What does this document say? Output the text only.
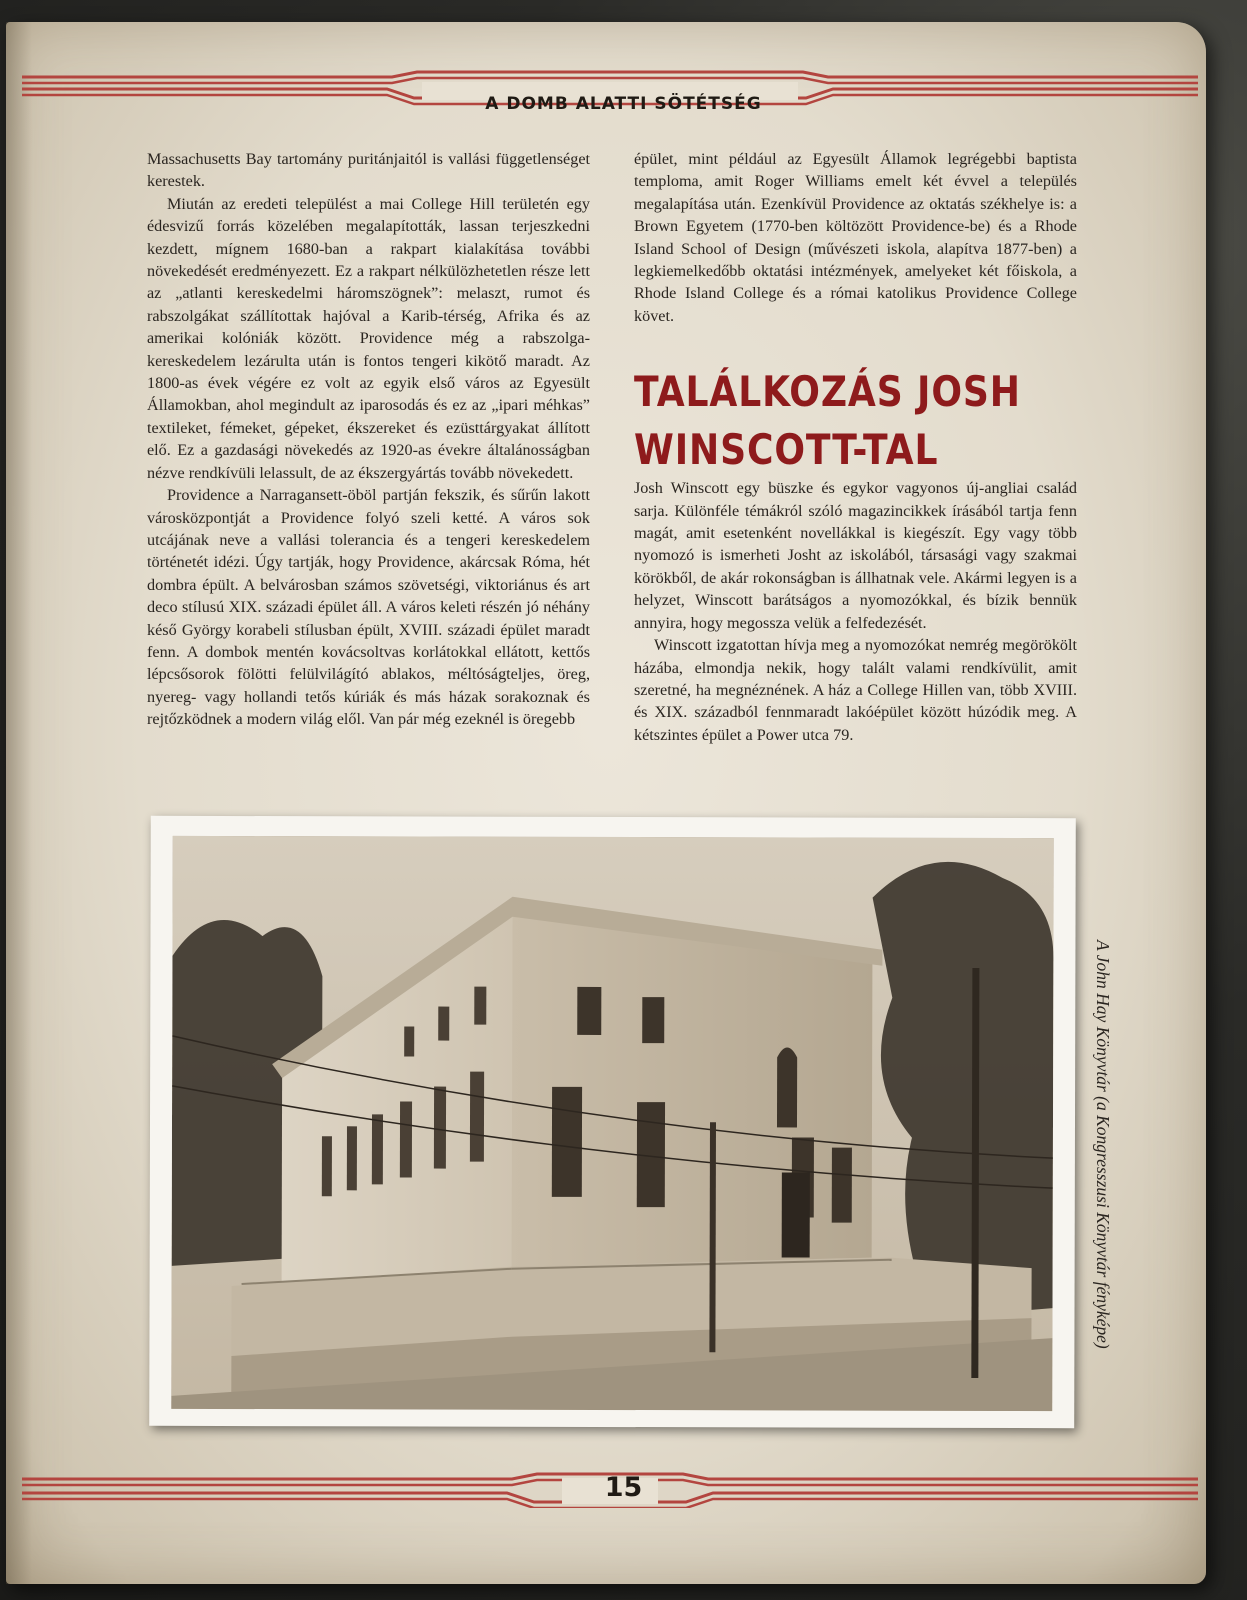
A DOMB ALATTI SÖTÉTSÉG

Massachusetts Bay tartomány puritánjaitól is vallási függetlenséget kerestek.

Miután az eredeti települést a mai College Hill területén egy édesvizű forrás közelében megalapították, lassan terjeszkedni kezdett, mígnem 1680-ban a rakpart kialakítása további növekedését eredményezett. Ez a rakpart nélkülözhetetlen része lett az „atlanti kereskedelmi háromszögnek”: melaszt, rumot és rabszolgákat szállítottak hajóval a Karib-térség, Afrika és az amerikai kolóniák között. Providence még a rabszolga-kereskedelem lezárulta után is fontos tengeri kikötő maradt. Az 1800-as évek végére ez volt az egyik első város az Egyesült Államokban, ahol megindult az iparosodás és ez az „ipari méhkas” textileket, fémeket, gépeket, ékszereket és ezüsttárgyakat állított elő. Ez a gazdasági növekedés az 1920-as évekre általánosságban nézve rendkívüli lelassult, de az ékszergyártás tovább növekedett.

Providence a Narragansett-öböl partján fekszik, és sűrűn lakott városközpontját a Providence folyó szeli ketté. A város sok utcájának neve a vallási tolerancia és a tengeri kereskedelem történetét idézi. Úgy tartják, hogy Providence, akárcsak Róma, hét dombra épült. A belvárosban számos szövetségi, viktoriánus és art deco stílusú XIX. századi épület áll. A város keleti részén jó néhány késő György korabeli stílusban épült, XVIII. századi épület maradt fenn. A dombok mentén kovácsoltvas korlátokkal ellátott, kettős lépcsősorok fölötti felülvilágító ablakos, méltóságteljes, öreg, nyereg- vagy hollandi tetős kúriák és más házak sorakoznak és rejtőzködnek a modern világ elől. Van pár még ezeknél is öregebb

épület, mint például az Egyesült Államok legrégebbi baptista temploma, amit Roger Williams emelt két évvel a település megalapítása után. Ezenkívül Providence az oktatás székhelye is: a Brown Egyetem (1770-ben költözött Providence-be) és a Rhode Island School of Design (művészeti iskola, alapítva 1877-ben) a legkiemelkedőbb oktatási intézmények, amelyeket két főiskola, a Rhode Island College és a római katolikus Providence College követ.

TALÁLKOZÁS JOSH
WINSCOTT-TAL

Josh Winscott egy büszke és egykor vagyonos új-angliai család sarja. Különféle témákról szóló magazincikkek írásából tartja fenn magát, amit esetenként novellákkal is kiegészít. Egy vagy több nyomozó is ismerheti Josht az iskolából, társasági vagy szakmai körökből, de akár rokonságban is állhatnak vele. Akármi legyen is a helyzet, Winscott barátságos a nyomozókkal, és bízik bennük annyira, hogy megossza velük a felfedezését.

Winscott izgatottan hívja meg a nyomozókat nemrég megörökölt házába, elmondja nekik, hogy talált valami rendkívülit, amit szeretné, ha megnéznének. A ház a College Hillen van, több XVIII. és XIX. századból fennmaradt lakóépület között húzódik meg. A kétszintes épület a Power utca 79.

A John Hay Könyvtár (a Kongresszusi Könyvtár fényképe)
15
